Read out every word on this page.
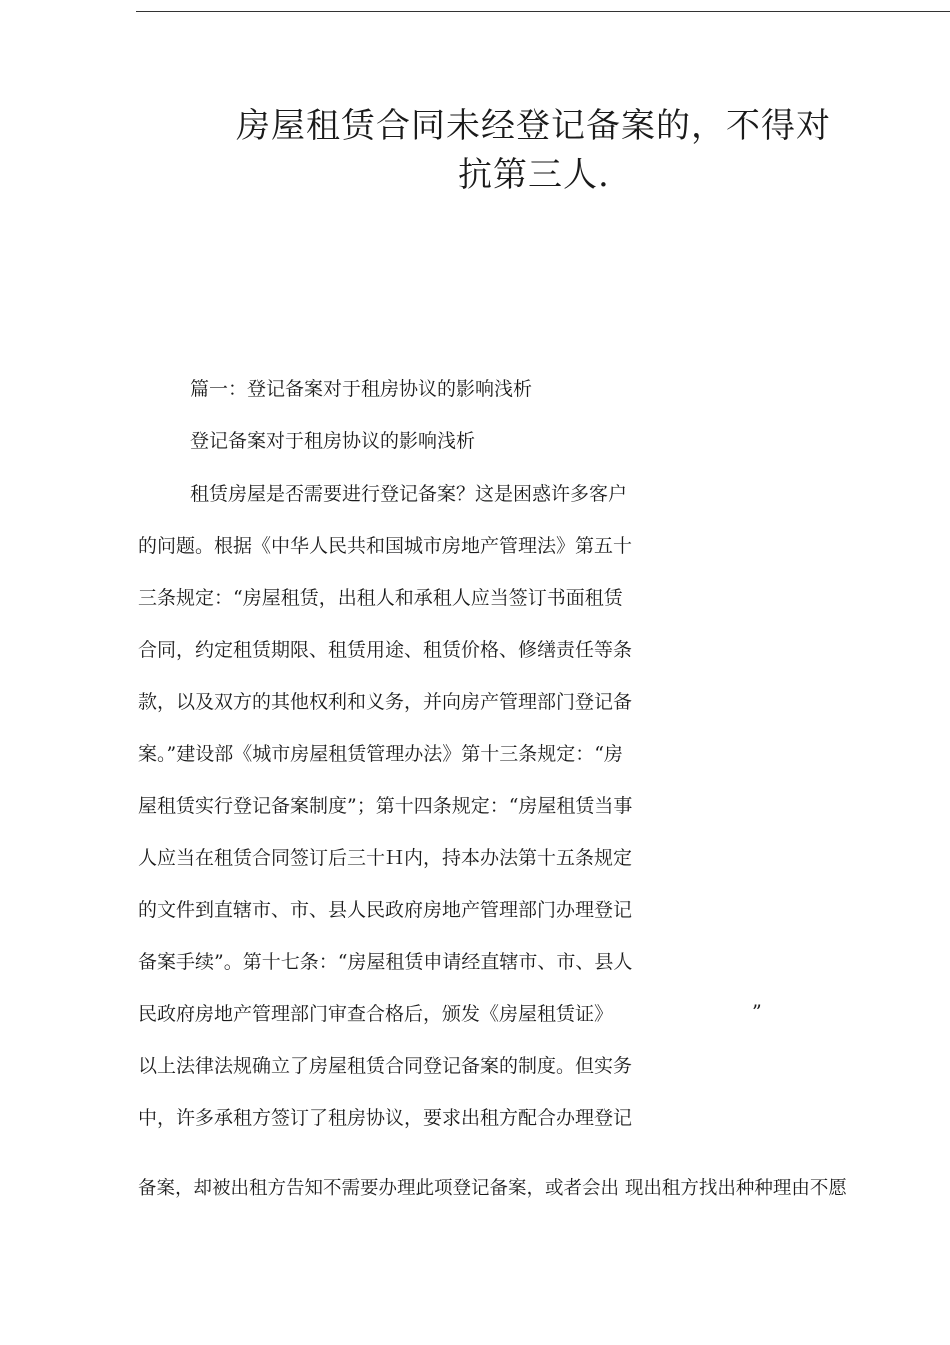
房屋租赁合同未经登记备案的，不得对
抗第三人.
篇一：登记备案对于租房协议的影响浅析
登记备案对于租房协议的影响浅析
租赁房屋是否需要进行登记备案？这是困惑许多客户
的问题。根据《中华人民共和国城市房地产管理法》第五十
三条规定：“房屋租赁，出租人和承租人应当签订书面租赁
合同，约定租赁期限、租赁用途、租赁价格、修缮责任等条
款，以及双方的其他权利和义务，并向房产管理部门登记备
案。”建设部《城市房屋租赁管理办法》第十三条规定：“房
屋租赁实行登记备案制度”；第十四条规定：“房屋租赁当事
人应当在租赁合同签订后三十Ｈ内，持本办法第十五条规定
的文件到直辖市、市、县人民政府房地产管理部门办理登记
备案手续”。第十七条：“房屋租赁申请经直辖市、市、县人
民政府房地产管理部门审查合格后，颁发《房屋租赁证》	”
以上法律法规确立了房屋租赁合同登记备案的制度。但实务
中，许多承租方签订了租房协议，要求出租方配合办理登记
备案，却被出租方告知不需要办理此项登记备案，或者会出 现出租方找出种种理由不愿
